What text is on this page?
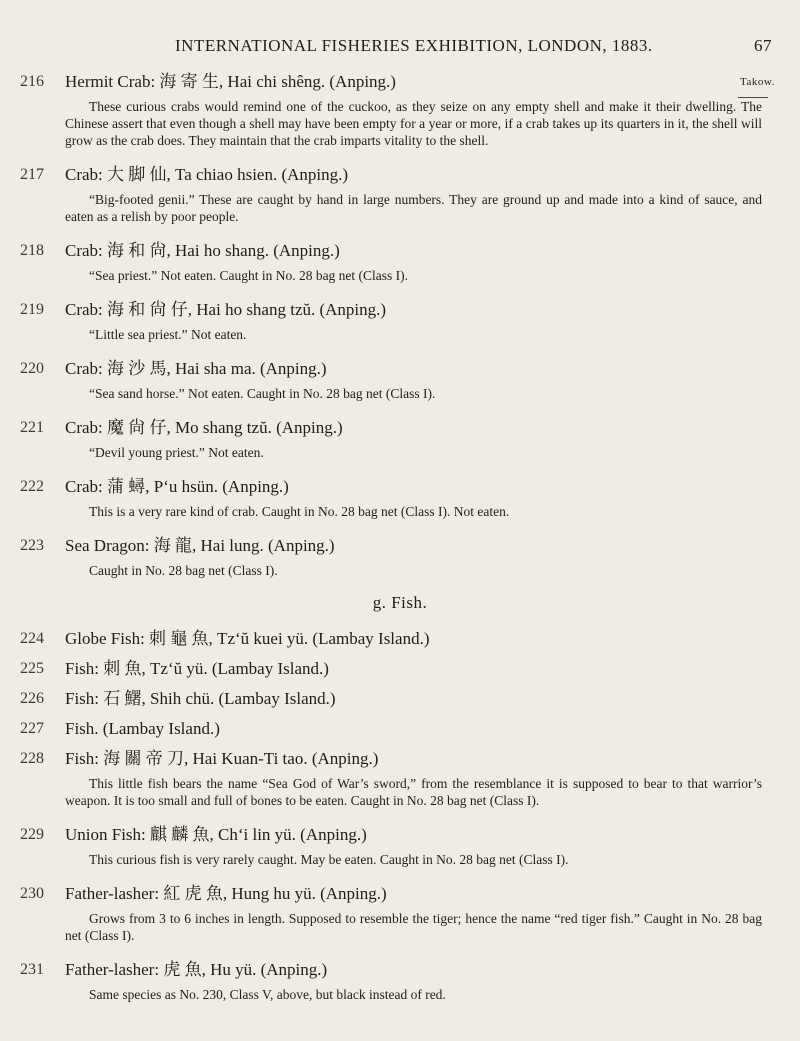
INTERNATIONAL FISHERIES EXHIBITION, LONDON, 1883.	67
Takow.
216 Hermit Crab: 海 寄 生, Hai chi shêng. (Anping.)
These curious crabs would remind one of the cuckoo, as they seize on any empty shell and make it their dwelling. The Chinese assert that even though a shell may have been empty for a year or more, if a crab takes up its quarters in it, the shell will grow as the crab does. They maintain that the crab imparts vitality to the shell.
217 Crab: 大 脚 仙, Ta chiao hsien. (Anping.)
“Big-footed genii.” These are caught by hand in large numbers. They are ground up and made into a kind of sauce, and eaten as a relish by poor people.
218 Crab: 海 和 尙, Hai ho shang. (Anping.)
“Sea priest.” Not eaten. Caught in No. 28 bag net (Class I).
219 Crab: 海 和 尙 仔, Hai ho shang tzŭ. (Anping.)
“Little sea priest.” Not eaten.
220 Crab: 海 沙 馬, Hai sha ma. (Anping.)
“Sea sand horse.” Not eaten. Caught in No. 28 bag net (Class I).
221 Crab: 魔 尙 仔, Mo shang tzŭ. (Anping.)
“Devil young priest.” Not eaten.
222 Crab: 蒲 蟳, P‘u hsün. (Anping.)
This is a very rare kind of crab. Caught in No. 28 bag net (Class I). Not eaten.
223 Sea Dragon: 海 龍, Hai lung. (Anping.)
Caught in No. 28 bag net (Class I).
g. Fish.
224 Globe Fish: 刺 龜 魚, Tz‘ŭ kuei yü. (Lambay Island.)
225 Fish: 刺 魚, Tz‘ŭ yü. (Lambay Island.)
226 Fish: 石 鱰, Shih chü. (Lambay Island.)
227 Fish. (Lambay Island.)
228 Fish: 海 關 帝 刀, Hai Kuan-Ti tao. (Anping.)
This little fish bears the name “Sea God of War’s sword,” from the resemblance it is supposed to bear to that warrior’s weapon. It is too small and full of bones to be eaten. Caught in No. 28 bag net (Class I).
229 Union Fish: 麒 麟 魚, Ch‘i lin yü. (Anping.)
This curious fish is very rarely caught. May be eaten. Caught in No. 28 bag net (Class I).
230 Father-lasher: 紅 虎 魚, Hung hu yü. (Anping.)
Grows from 3 to 6 inches in length. Supposed to resemble the tiger; hence the name “red tiger fish.” Caught in No. 28 bag net (Class I).
231 Father-lasher: 虎 魚, Hu yü. (Anping.)
Same species as No. 230, Class V, above, but black instead of red.
